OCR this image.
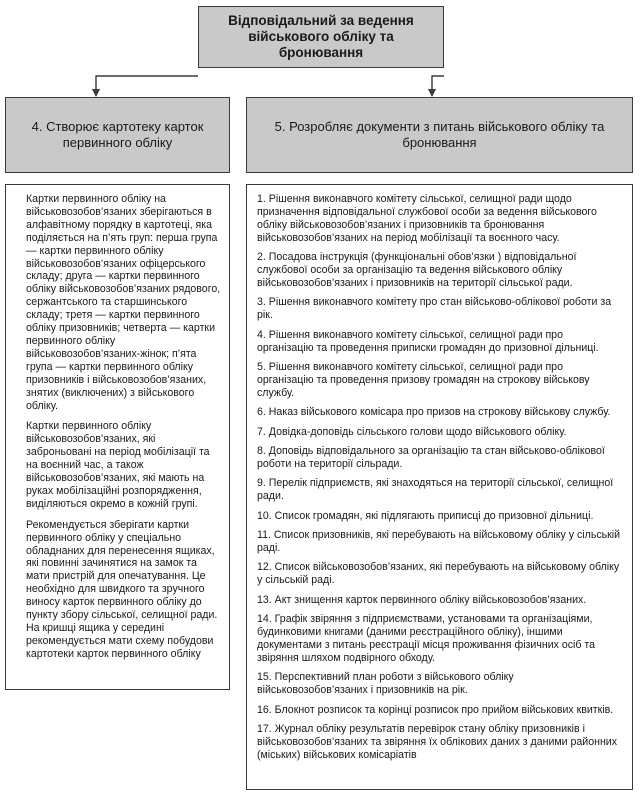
Відповідальний за ведення військового обліку та бронювання
4. Створює картотеку карток первинного обліку
5. Розробляє документи з питань військового обліку та бронювання

Картки первинного обліку на військовозобов’язаних зберігаються в алфавітному порядку в картотеці, яка поділяється на п’ять груп: перша група — картки первинного обліку військовозобов’язаних офіцерського складу; друга — картки первинного обліку військовозобов’язаних рядового, сержантського та старшинського складу; третя — картки первинного обліку призовників; четверта — картки первинного обліку військовозобов’язаних-жінок; п’ята група — картки первинного обліку призовників і військовозобов’язаних, знятих (виключених) з військового обліку.

Картки первинного обліку військовозобов’язаних, які заброньовані на період мобілізації та на воєнний час, а також військовозобов’язаних, які мають на руках мобілізаційні розпорядження, виділяються окремо в кожній групі.

Рекомендується зберігати картки первинного обліку у спеціально обладнаних для перенесення ящиках, які повинні зачинятися на замок та мати пристрій для опечатування. Це необхідно для швидкого та зручного виносу карток первинного обліку до пункту збору сільської, селищної ради. На кришці ящика у середині рекомендується мати схему побудови картотеки карток первинного обліку

1. Рішення виконавчого комітету сільської, селищної ради щодо призначення відповідальної службової особи за ведення військового обліку військовозобов’язаних і призовників та бронювання військовозобов’язаних на період мобілізації та воєнного часу.
2. Посадова інструкція (функціональні обов’язки ) відповідальної службової особи за організацію та ведення військового обліку військовозобов’язаних і призовників на території сільської ради.
3. Рішення виконавчого комітету про стан військово-облікової роботи за рік.
4. Рішення виконавчого комітету сільської, селищної ради про організацію та проведення приписки громадян до призовної дільниці.
5. Рішення виконавчого комітету сільської, селищної ради про організацію та проведення призову громадян на строкову військову службу.
6. Наказ військового комісара про призов на строкову військову службу.
7. Довідка-доповідь сільського голови щодо військового обліку.
8. Доповідь відповідального за організацію та стан військово-облікової роботи на території сільради.
9. Перелік підприємств, які знаходяться на території сільської, селищної ради.
10. Список громадян, які підлягають приписці до призовної дільниці.
11. Список призовників, які перебувають на військовому обліку у сільській раді.
12. Список військовозобов’язаних, які перебувають на військовому обліку у сільській раді.
13. Акт знищення карток первинного обліку військовозобов’язаних.
14. Графік звіряння з підприємствами, установами та організаціями, будинковими книгами (даними реєстраційного обліку), іншими документами з питань реєстрації місця проживання фізичних осіб та звіряння шляхом подвірного обходу.
15. Перспективний план роботи з військового обліку військовозобов’язаних і призовників на рік.
16. Блокнот розписок та корінці розписок про прийом військових квитків.
17. Журнал обліку результатів перевірок стану обліку призовників і військовозобов’язаних та звіряння їх облікових даних з даними районних (міських) військових комісаріатів
